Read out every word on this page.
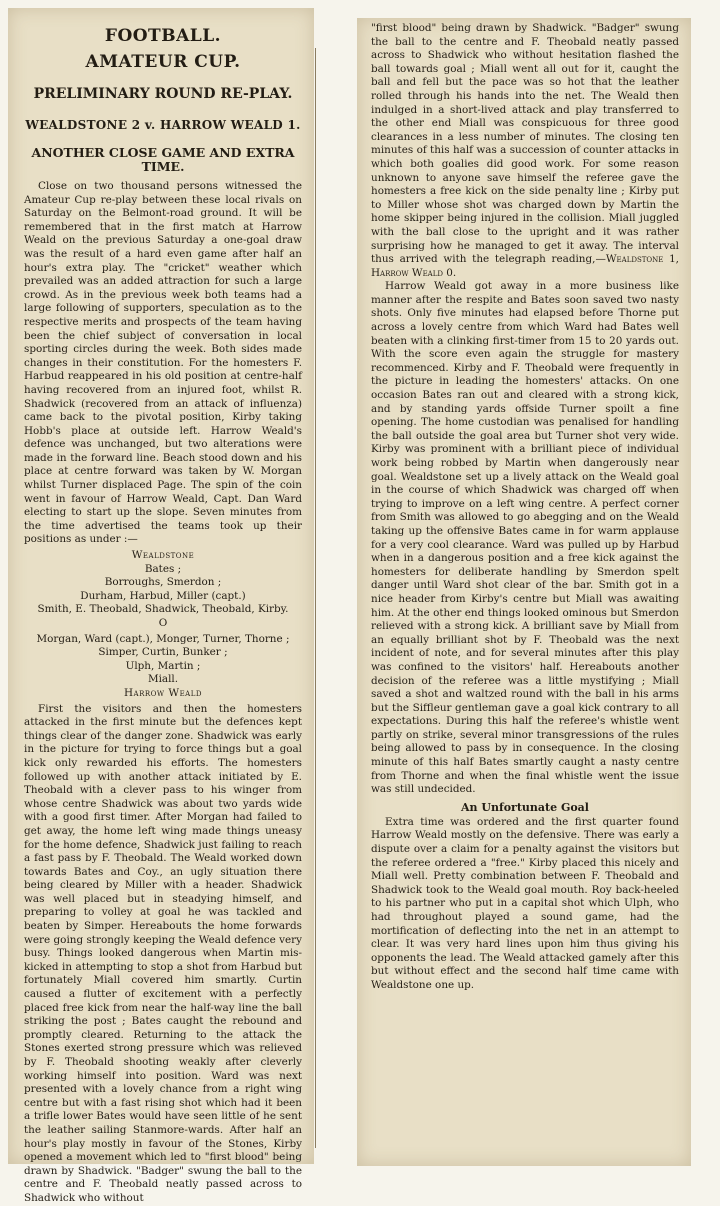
FOOTBALL.
AMATEUR CUP.
PRELIMINARY ROUND RE-PLAY.
WEALDSTONE 2 v. HARROW WEALD 1.
ANOTHER CLOSE GAME AND EXTRA TIME.

Close on two thousand persons witnessed the Amateur Cup re-play between these local rivals on Saturday on the Belmont-road ground. It will be remembered that in the first match at Harrow Weald on the previous Saturday a one-goal draw was the result of a hard even game after half an hour's extra play. The "cricket" weather which prevailed was an added attraction for such a large crowd. As in the previous week both teams had a large following of supporters, speculation as to the respective merits and prospects of the team having been the chief subject of conversation in local sporting circles during the week. Both sides made changes in their constitution. For the homesters F. Harbud reappeared in his old position at centre-half having recovered from an injured foot, whilst R. Shadwick (recovered from an attack of influenza) came back to the pivotal position, Kirby taking Hobb's place at outside left. Harrow Weald's defence was unchanged, but two alterations were made in the forward line. Beach stood down and his place at centre forward was taken by W. Morgan whilst Turner displaced Page. The spin of the coin went in favour of Harrow Weald, Capt. Dan Ward electing to start up the slope. Seven minutes from the time advertised the teams took up their positions as under :—

Wealdstone
Bates ;
Borroughs, Smerdon ;
Durham, Harbud, Miller (capt.)
Smith, E. Theobald, Shadwick, Theobald, Kirby.
O
Morgan, Ward (capt.), Monger, Turner, Thorne ;
Simper, Curtin, Bunker ;
Ulph, Martin ;
Miall.
Harrow Weald

First the visitors and then the homesters attacked in the first minute but the defences kept things clear of the danger zone. Shadwick was early in the picture for trying to force things but a goal kick only rewarded his efforts. The homesters followed up with another attack initiated by E. Theobald with a clever pass to his winger from whose centre Shadwick was about two yards wide with a good first timer. After Morgan had failed to get away, the home left wing made things uneasy for the home defence, Shadwick just failing to reach a fast pass by F. Theobald. The Weald worked down towards Bates and Coy., an ugly situation there being cleared by Miller with a header. Shadwick was well placed but in steadying himself, and preparing to volley at goal he was tackled and beaten by Simper. Hereabouts the home forwards were going strongly keeping the Weald defence very busy. Things looked dangerous when Martin mis-kicked in attempting to stop a shot from Harbud but fortunately Miall covered him smartly. Curtin caused a flutter of excitement with a perfectly placed free kick from near the half-way line the ball striking the post ; Bates caught the rebound and promptly cleared. Returning to the attack the Stones exerted strong pressure which was relieved by F. Theobald shooting weakly after cleverly working himself into position. Ward was next presented with a lovely chance from a right wing centre but with a fast rising shot which had it been a trifle lower Bates would have seen little of he sent the leather sailing Stanmore-wards. After half an hour's play mostly in favour of the Stones, Kirby opened a movement which led to "first blood" being drawn by Shadwick. "Badger" swung the ball to the centre and F. Theobald neatly passed across to Shadwick who without

"first blood" being drawn by Shadwick. "Badger" swung the ball to the centre and F. Theobald neatly passed across to Shadwick who without hesitation flashed the ball towards goal ; Miall went all out for it, caught the ball and fell but the pace was so hot that the leather rolled through his hands into the net. The Weald then indulged in a short-lived attack and play transferred to the other end Miall was conspicuous for three good clearances in a less number of minutes. The closing ten minutes of this half was a succession of counter attacks in which both goalies did good work. For some reason unknown to anyone save himself the referee gave the homesters a free kick on the side penalty line ; Kirby put to Miller whose shot was charged down by Martin the home skipper being injured in the collision. Miall juggled with the ball close to the upright and it was rather surprising how he managed to get it away. The interval thus arrived with the telegraph reading,—Wealdstone 1, Harrow Weald 0.

Harrow Weald got away in a more business like manner after the respite and Bates soon saved two nasty shots. Only five minutes had elapsed before Thorne put across a lovely centre from which Ward had Bates well beaten with a clinking first-timer from 15 to 20 yards out. With the score even again the struggle for mastery recommenced. Kirby and F. Theobald were frequently in the picture in leading the homesters' attacks. On one occasion Bates ran out and cleared with a strong kick, and by standing yards offside Turner spoilt a fine opening. The home custodian was penalised for handling the ball outside the goal area but Turner shot very wide. Kirby was prominent with a brilliant piece of individual work being robbed by Martin when dangerously near goal. Wealdstone set up a lively attack on the Weald goal in the course of which Shadwick was charged off when trying to improve on a left wing centre. A perfect corner from Smith was allowed to go abegging and on the Weald taking up the offensive Bates came in for warm applause for a very cool clearance. Ward was pulled up by Harbud when in a dangerous position and a free kick against the homesters for deliberate handling by Smerdon spelt danger until Ward shot clear of the bar. Smith got in a nice header from Kirby's centre but Miall was awaiting him. At the other end things looked ominous but Smerdon relieved with a strong kick. A brilliant save by Miall from an equally brilliant shot by F. Theobald was the next incident of note, and for several minutes after this play was confined to the visitors' half. Hereabouts another decision of the referee was a little mystifying ; Miall saved a shot and waltzed round with the ball in his arms but the Siffleur gentleman gave a goal kick contrary to all expectations. During this half the referee's whistle went partly on strike, several minor transgressions of the rules being allowed to pass by in consequence. In the closing minute of this half Bates smartly caught a nasty centre from Thorne and when the final whistle went the issue was still undecided.

An Unfortunate Goal

Extra time was ordered and the first quarter found Harrow Weald mostly on the defensive. There was early a dispute over a claim for a penalty against the visitors but the referee ordered a "free." Kirby placed this nicely and Miall well. Pretty combination between F. Theobald and Shadwick took to the Weald goal mouth. Roy back-heeled to his partner who put in a capital shot which Ulph, who had throughout played a sound game, had the mortification of deflecting into the net in an attempt to clear. It was very hard lines upon him thus giving his opponents the lead. The Weald attacked gamely after this but without effect and the second half time came with Wealdstone one up.
